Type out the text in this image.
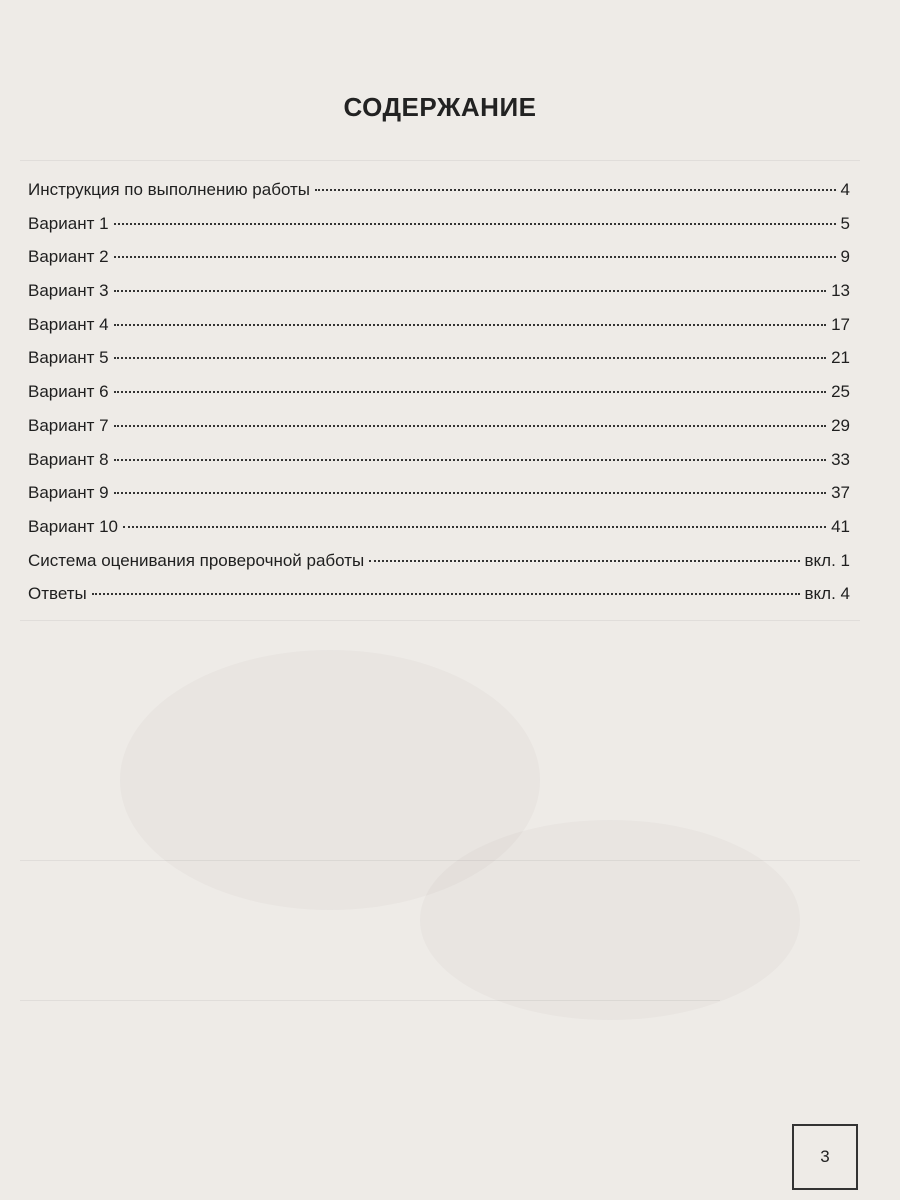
СОДЕРЖАНИЕ
Инструкция по выполнению работы	4
Вариант 1	5
Вариант 2	9
Вариант 3	13
Вариант 4	17
Вариант 5	21
Вариант 6	25
Вариант 7	29
Вариант 8	33
Вариант 9	37
Вариант 10	41
Система оценивания проверочной работы	вкл. 1
Ответы	вкл. 4
3
